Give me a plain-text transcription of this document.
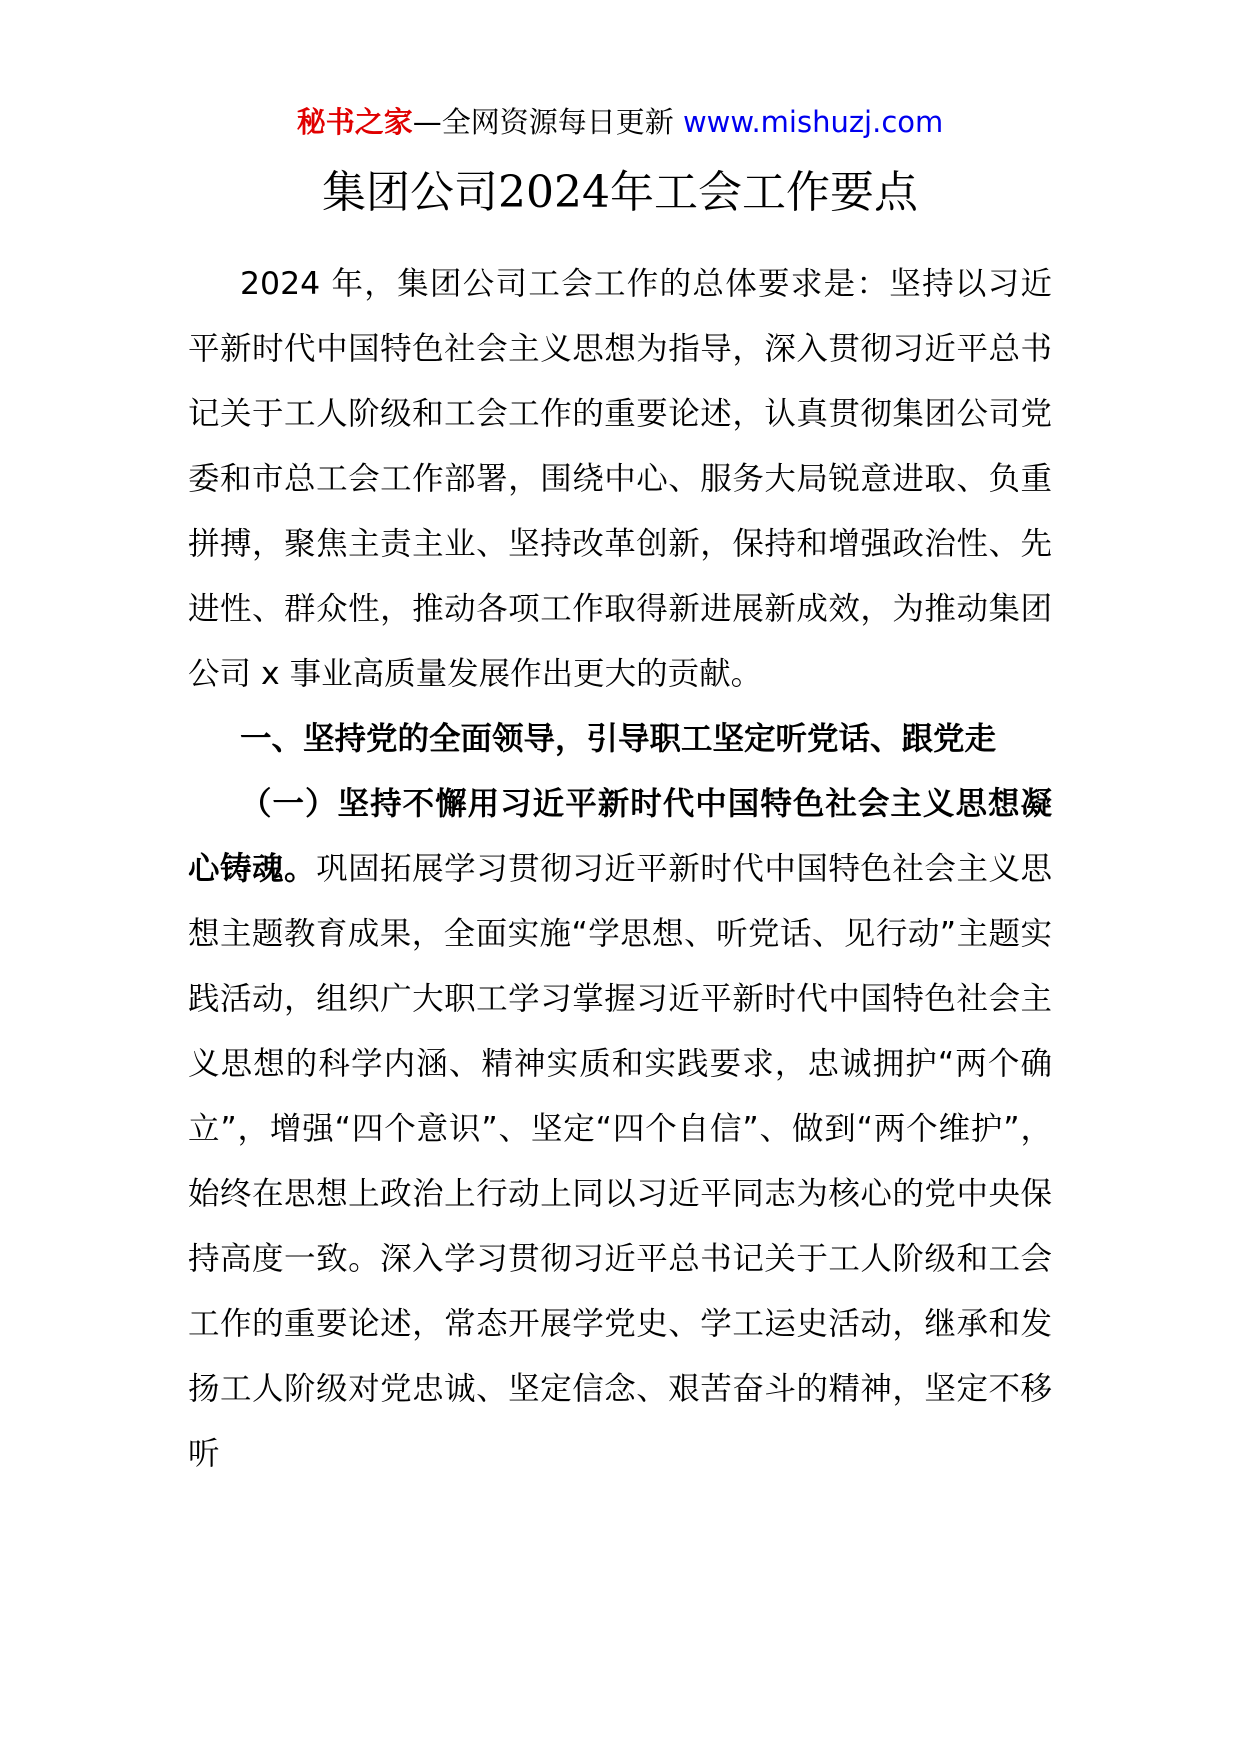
秘书之家—全网资源每日更新 www.mishuzj.com
集团公司2024年工会工作要点

2024 年，集团公司工会工作的总体要求是：坚持以习近平新时代中国特色社会主义思想为指导，深入贯彻习近平总书记关于工人阶级和工会工作的重要论述，认真贯彻集团公司党委和市总工会工作部署，围绕中心、服务大局锐意进取、负重拼搏，聚焦主责主业、坚持改革创新，保持和增强政治性、先进性、群众性，推动各项工作取得新进展新成效，为推动集团公司 x 事业高质量发展作出更大的贡献。

一、坚持党的全面领导，引导职工坚定听党话、跟党走

（一）坚持不懈用习近平新时代中国特色社会主义思想凝心铸魂。巩固拓展学习贯彻习近平新时代中国特色社会主义思想主题教育成果，全面实施“学思想、听党话、见行动”主题实践活动，组织广大职工学习掌握习近平新时代中国特色社会主义思想的科学内涵、精神实质和实践要求，忠诚拥护“两个确立”，增强“四个意识”、坚定“四个自信”、做到“两个维护”，始终在思想上政治上行动上同以习近平同志为核心的党中央保持高度一致。深入学习贯彻习近平总书记关于工人阶级和工会工作的重要论述，常态开展学党史、学工运史活动，继承和发扬工人阶级对党忠诚、坚定信念、艰苦奋斗的精神，坚定不移听
